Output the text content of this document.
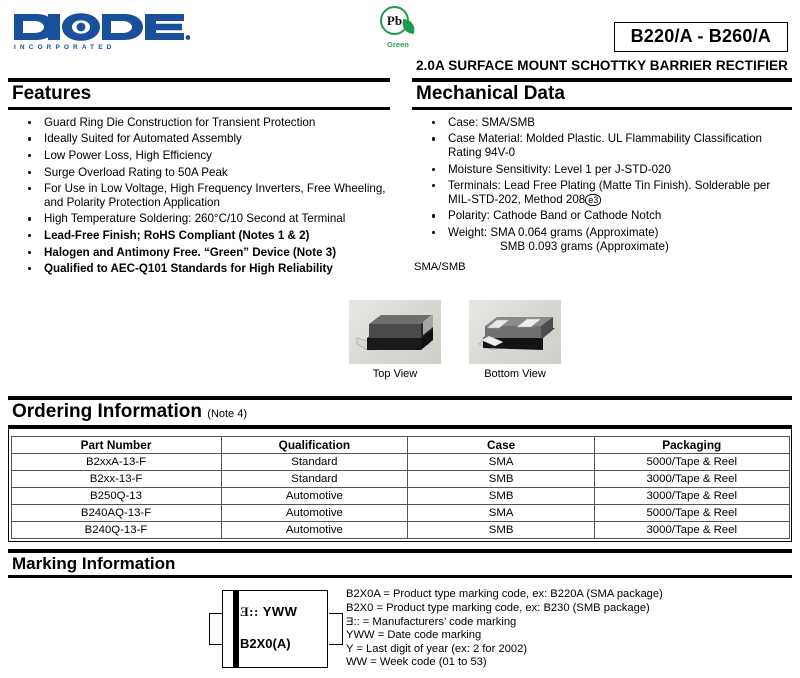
INCORPORATED
Pb
Green	B220/A - B260/A
2.0A SURFACE MOUNT SCHOTTKY BARRIER RECTIFIER
Features
Guard Ring Die Construction for Transient Protection
Ideally Suited for Automated Assembly
Low Power Loss, High Efficiency
Surge Overload Rating to 50A Peak
For Use in Low Voltage, High Frequency Inverters, Free Wheeling, and Polarity Protection Application
High Temperature Soldering: 260°C/10 Second at Terminal
Lead-Free Finish; RoHS Compliant (Notes 1 & 2)
Halogen and Antimony Free. “Green” Device (Note 3)
Qualified to AEC-Q101 Standards for High Reliability
Mechanical Data
Case: SMA/SMB
Case Material: Molded Plastic. UL Flammability Classification Rating 94V-0
Moisture Sensitivity: Level 1 per J-STD-020
Terminals: Lead Free Plating (Matte Tin Finish). Solderable per MIL-STD-202, Method 208 e3
Polarity: Cathode Band or Cathode Notch
Weight: SMA 0.064 grams (Approximate)
SMB 0.093 grams (Approximate)
SMA/SMB
Top View	Bottom View
Ordering Information (Note 4)
Part Number	Qualification	Case	Packaging
B2xxA-13-F	Standard	SMA	5000/Tape & Reel
B2xx-13-F	Standard	SMB	3000/Tape & Reel
B250Q-13	Automotive	SMB	3000/Tape & Reel
B240AQ-13-F	Automotive	SMA	5000/Tape & Reel
B240Q-13-F	Automotive	SMB	3000/Tape & Reel
Marking Information
Ǝ:: YWW
B2X0(A)
B2X0A = Product type marking code, ex: B220A (SMA package)
B2X0 = Product type marking code, ex: B230 (SMB package)
Ǝ:: = Manufacturers’ code marking
YWW = Date code marking
Y = Last digit of year (ex: 2 for 2002)
WW = Week code (01 to 53)
